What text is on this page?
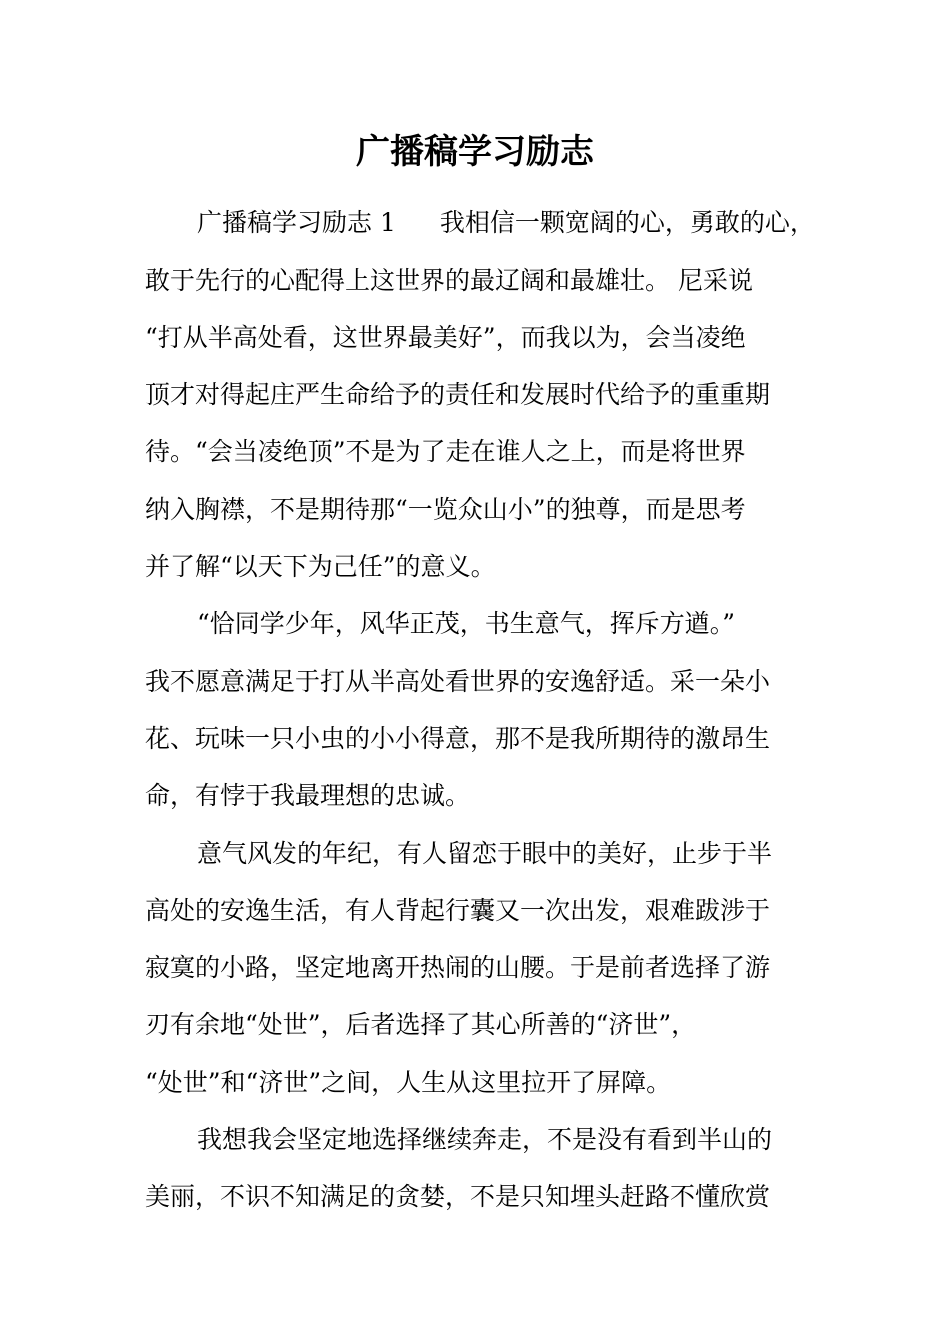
广播稿学习励志
广播稿学习励志 1 我相信一颗宽阔的心，勇敢的心，
敢于先行的心配得上这世界的最辽阔和最雄壮。 尼采说
“打从半高处看，这世界最美好”，而我以为，会当凌绝
顶才对得起庄严生命给予的责任和发展时代给予的重重期
待。“会当凌绝顶”不是为了走在谁人之上，而是将世界
纳入胸襟，不是期待那“一览众山小”的独尊，而是思考
并了解“以天下为己任”的意义。
“恰同学少年，风华正茂，书生意气，挥斥方遒。”
我不愿意满足于打从半高处看世界的安逸舒适。采一朵小
花、玩味一只小虫的小小得意，那不是我所期待的激昂生
命，有悖于我最理想的忠诚。
意气风发的年纪，有人留恋于眼中的美好，止步于半
高处的安逸生活，有人背起行囊又一次出发，艰难跋涉于
寂寞的小路，坚定地离开热闹的山腰。于是前者选择了游
刃有余地“处世”，后者选择了其心所善的“济世”，
“处世”和“济世”之间，人生从这里拉开了屏障。
我想我会坚定地选择继续奔走，不是没有看到半山的
美丽，不识不知满足的贪婪，不是只知埋头赶路不懂欣赏
